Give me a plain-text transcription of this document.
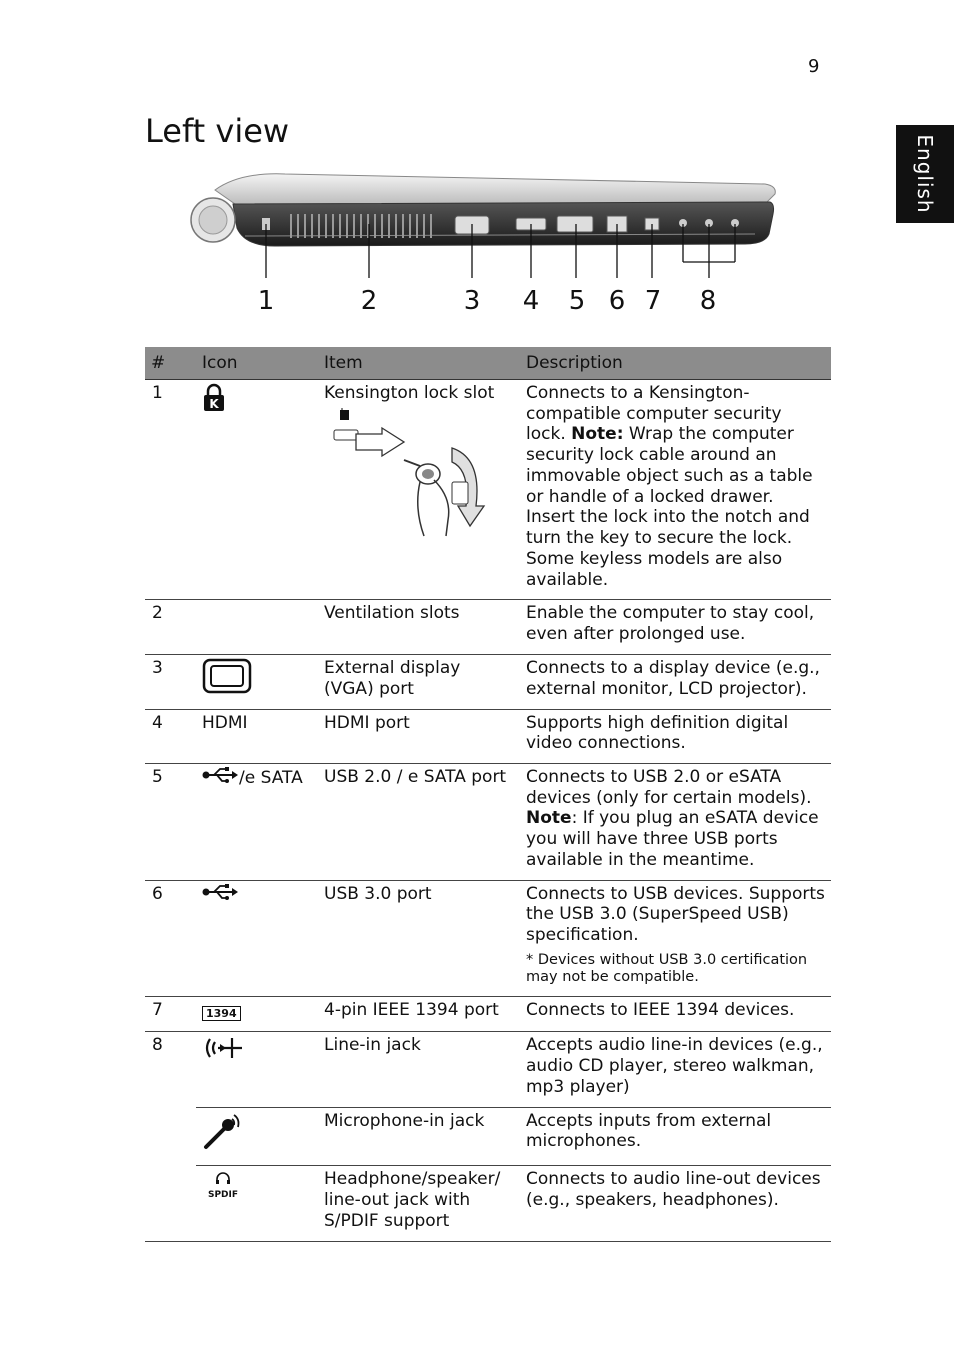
9
English
Left view
1	2	3 4 5 6 7 8
#	Icon	Item	Description
1	K	Kensington lock slot	Connects to a Kensington-compatible computer security lock. Note: Wrap the computer security lock cable around an immovable object such as a table or handle of a locked drawer. Insert the lock into the notch and turn the key to secure the lock. Some keyless models are also available.
2		Ventilation slots	Enable the computer to stay cool, even after prolonged use.
3		External display (VGA) port	Connects to a display device (e.g., external monitor, LCD projector).
4	HDMI	HDMI port	Supports high definition digital video connections.
5	/e SATA	USB 2.0 / e SATA port	Connects to USB 2.0 or eSATA devices (only for certain models). Note: If you plug an eSATA device you will have three USB ports available in the meantime.
6		USB 3.0 port	Connects to USB devices. Supports the USB 3.0 (SuperSpeed USB) specification.
* Devices without USB 3.0 certification may not be compatible.

7	1394	4-pin IEEE 1394 port	Connects to IEEE 1394 devices.
8		Line-in jack	Accepts audio line-in devices (e.g., audio CD player, stereo walkman, mp3 player)
	Microphone-in jack	Accepts inputs from external microphones.

	SPDIF	Headphone/speaker/ line-out jack with S/PDIF support	Connects to audio line-out devices (e.g., speakers, headphones).
